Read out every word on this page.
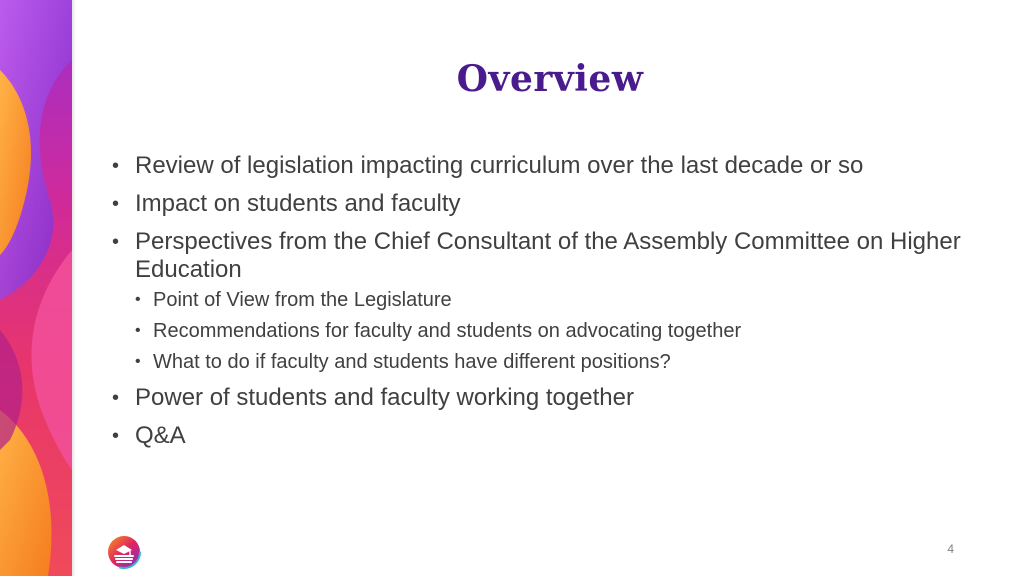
Overview
• Review of legislation impacting curriculum over the last decade or so
• Impact on students and faculty
• Perspectives from the Chief Consultant of the Assembly Committee on Higher Education
• Point of View from the Legislature
• Recommendations for faculty and students on advocating together
• What to do if faculty and students have different positions?
• Power of students and faculty working together
• Q&A
4
